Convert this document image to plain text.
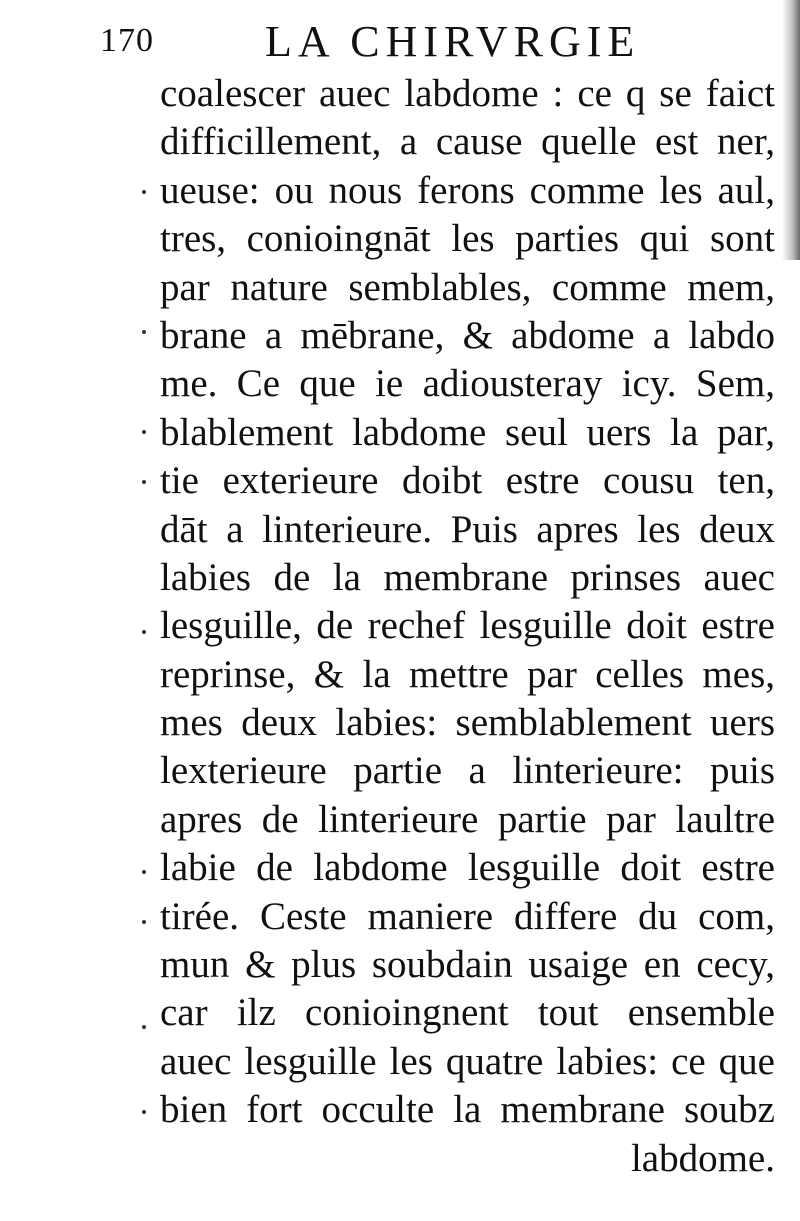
170	LA CHIRVRGIE
coalescer auec labdome : ce q se faict
difficillement, a cause quelle est ner,
ueuse: ou nous ferons comme les aul,
tres, conioingnāt les parties qui sont
par nature semblables, comme mem,
brane a mēbrane, & abdome a labdo
me. Ce que ie adiousteray icy. Sem,
blablement labdome seul uers la par,
tie exterieure doibt estre cousu ten,
dāt a linterieure. Puis apres les deux
labies de la membrane prinses auec
lesguille, de rechef lesguille doit estre
reprinse, & la mettre par celles mes,
mes deux labies: semblablement uers
lexterieure partie a linterieure: puis
apres de linterieure partie par laultre
labie de labdome lesguille doit estre
tirée. Ceste maniere differe du com,
mun & plus soubdain usaige en cecy,
car ilz conioingnent tout ensemble
auec lesguille les quatre labies: ce que
bien fort occulte la membrane soubz
labdome.
